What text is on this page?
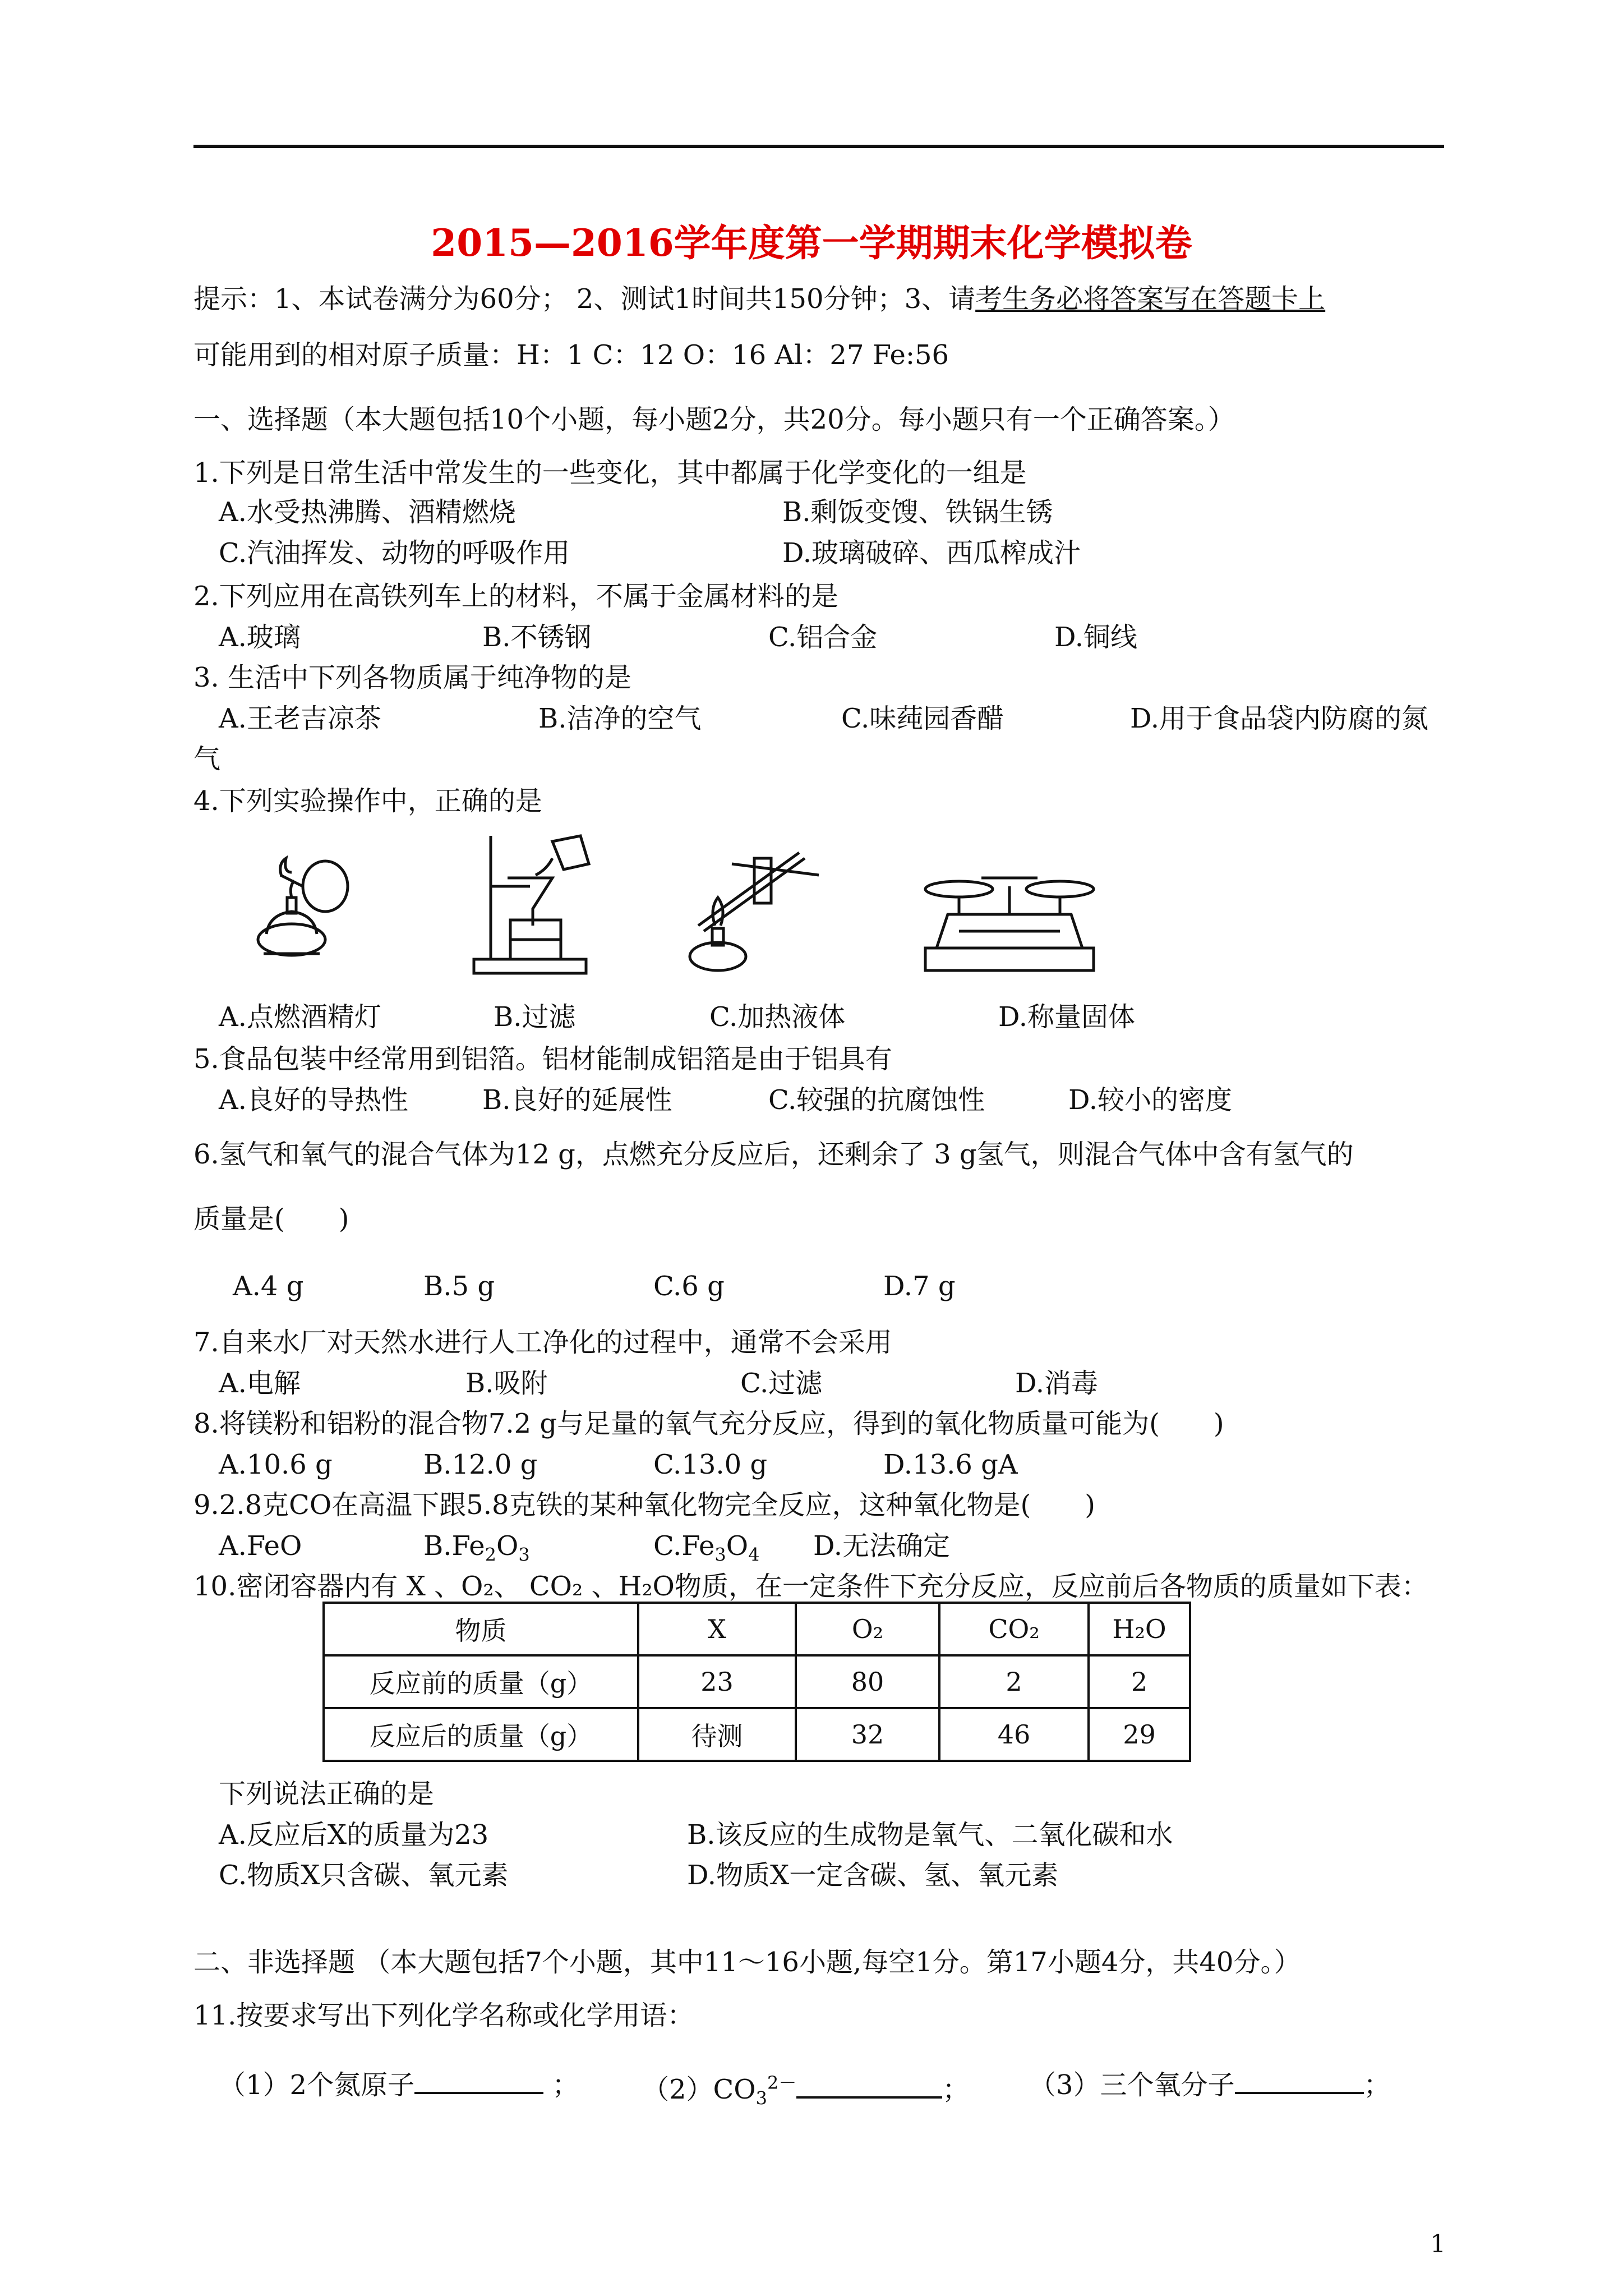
2015—2016学年度第一学期期末化学模拟卷
提示：1、本试卷满分为60分； 2、测试1时间共150分钟；3、请考生务必将答案写在答题卡上
可能用到的相对原子质量：H：1 C：12 O：16 Al：27 Fe:56
一、选择题（本大题包括10个小题，每小题2分，共20分。每小题只有一个正确答案。）
1.下列是日常生活中常发生的一些变化，其中都属于化学变化的一组是
A.水受热沸腾、酒精燃烧	B.剩饭变馊、铁锅生锈
C.汽油挥发、动物的呼吸作用	D.玻璃破碎、西瓜榨成汁
2.下列应用在高铁列车上的材料，不属于金属材料的是
A.玻璃	B.不锈钢	C.铝合金	D.铜线
3. 生活中下列各物质属于纯净物的是
A.王老吉凉茶	B.洁净的空气	C.味莼园香醋	D.用于食品袋内防腐的氮
气
4.下列实验操作中，正确的是
A.点燃酒精灯	B.过滤	C.加热液体	D.称量固体
5.食品包装中经常用到铝箔。铝材能制成铝箔是由于铝具有
A.良好的导热性	B.良好的延展性	C.较强的抗腐蚀性	D.较小的密度
6.氢气和氧气的混合气体为12 g，点燃充分反应后，还剩余了 3 g氢气，则混合气体中含有氢气的
质量是(　　)
A.4 g	B.5 g	C.6 g	D.7 g
7.自来水厂对天然水进行人工净化的过程中，通常不会采用
A.电解	B.吸附	C.过滤	D.消毒
8.将镁粉和铝粉的混合物7.2 g与足量的氧气充分反应，得到的氧化物质量可能为(　　)
A.10.6 g	B.12.0 g	C.13.0 g	D.13.6 gA
9.2.8克CO在高温下跟5.8克铁的某种氧化物完全反应，这种氧化物是(　　)
A.FeO	$B.Fe_2O_3$	$C.Fe_3O_4$ D.无法确定
10.密闭容器内有 X 、O₂、 CO₂ 、H₂O物质，在一定条件下充分反应，反应前后各物质的质量如下表：
物质	X	O₂	CO₂	H₂O
反应前的质量（g）	23	80	2	2
反应后的质量（g）	待测	32	46	29
下列说法正确的是
A.反应后X的质量为23	B.该反应的生成物是氧气、二氧化碳和水
C.物质X只含碳、氧元素	D.物质X一定含碳、氢、氧元素
二、非选择题 （本大题包括7个小题，其中11～16小题,每空1分。第17小题4分，共40分。）
11.按要求写出下列化学名称或化学用语：
（1）2个氮原子	； $(2)CO_3^{2-}$	； （3）三个氧分子	；
1
